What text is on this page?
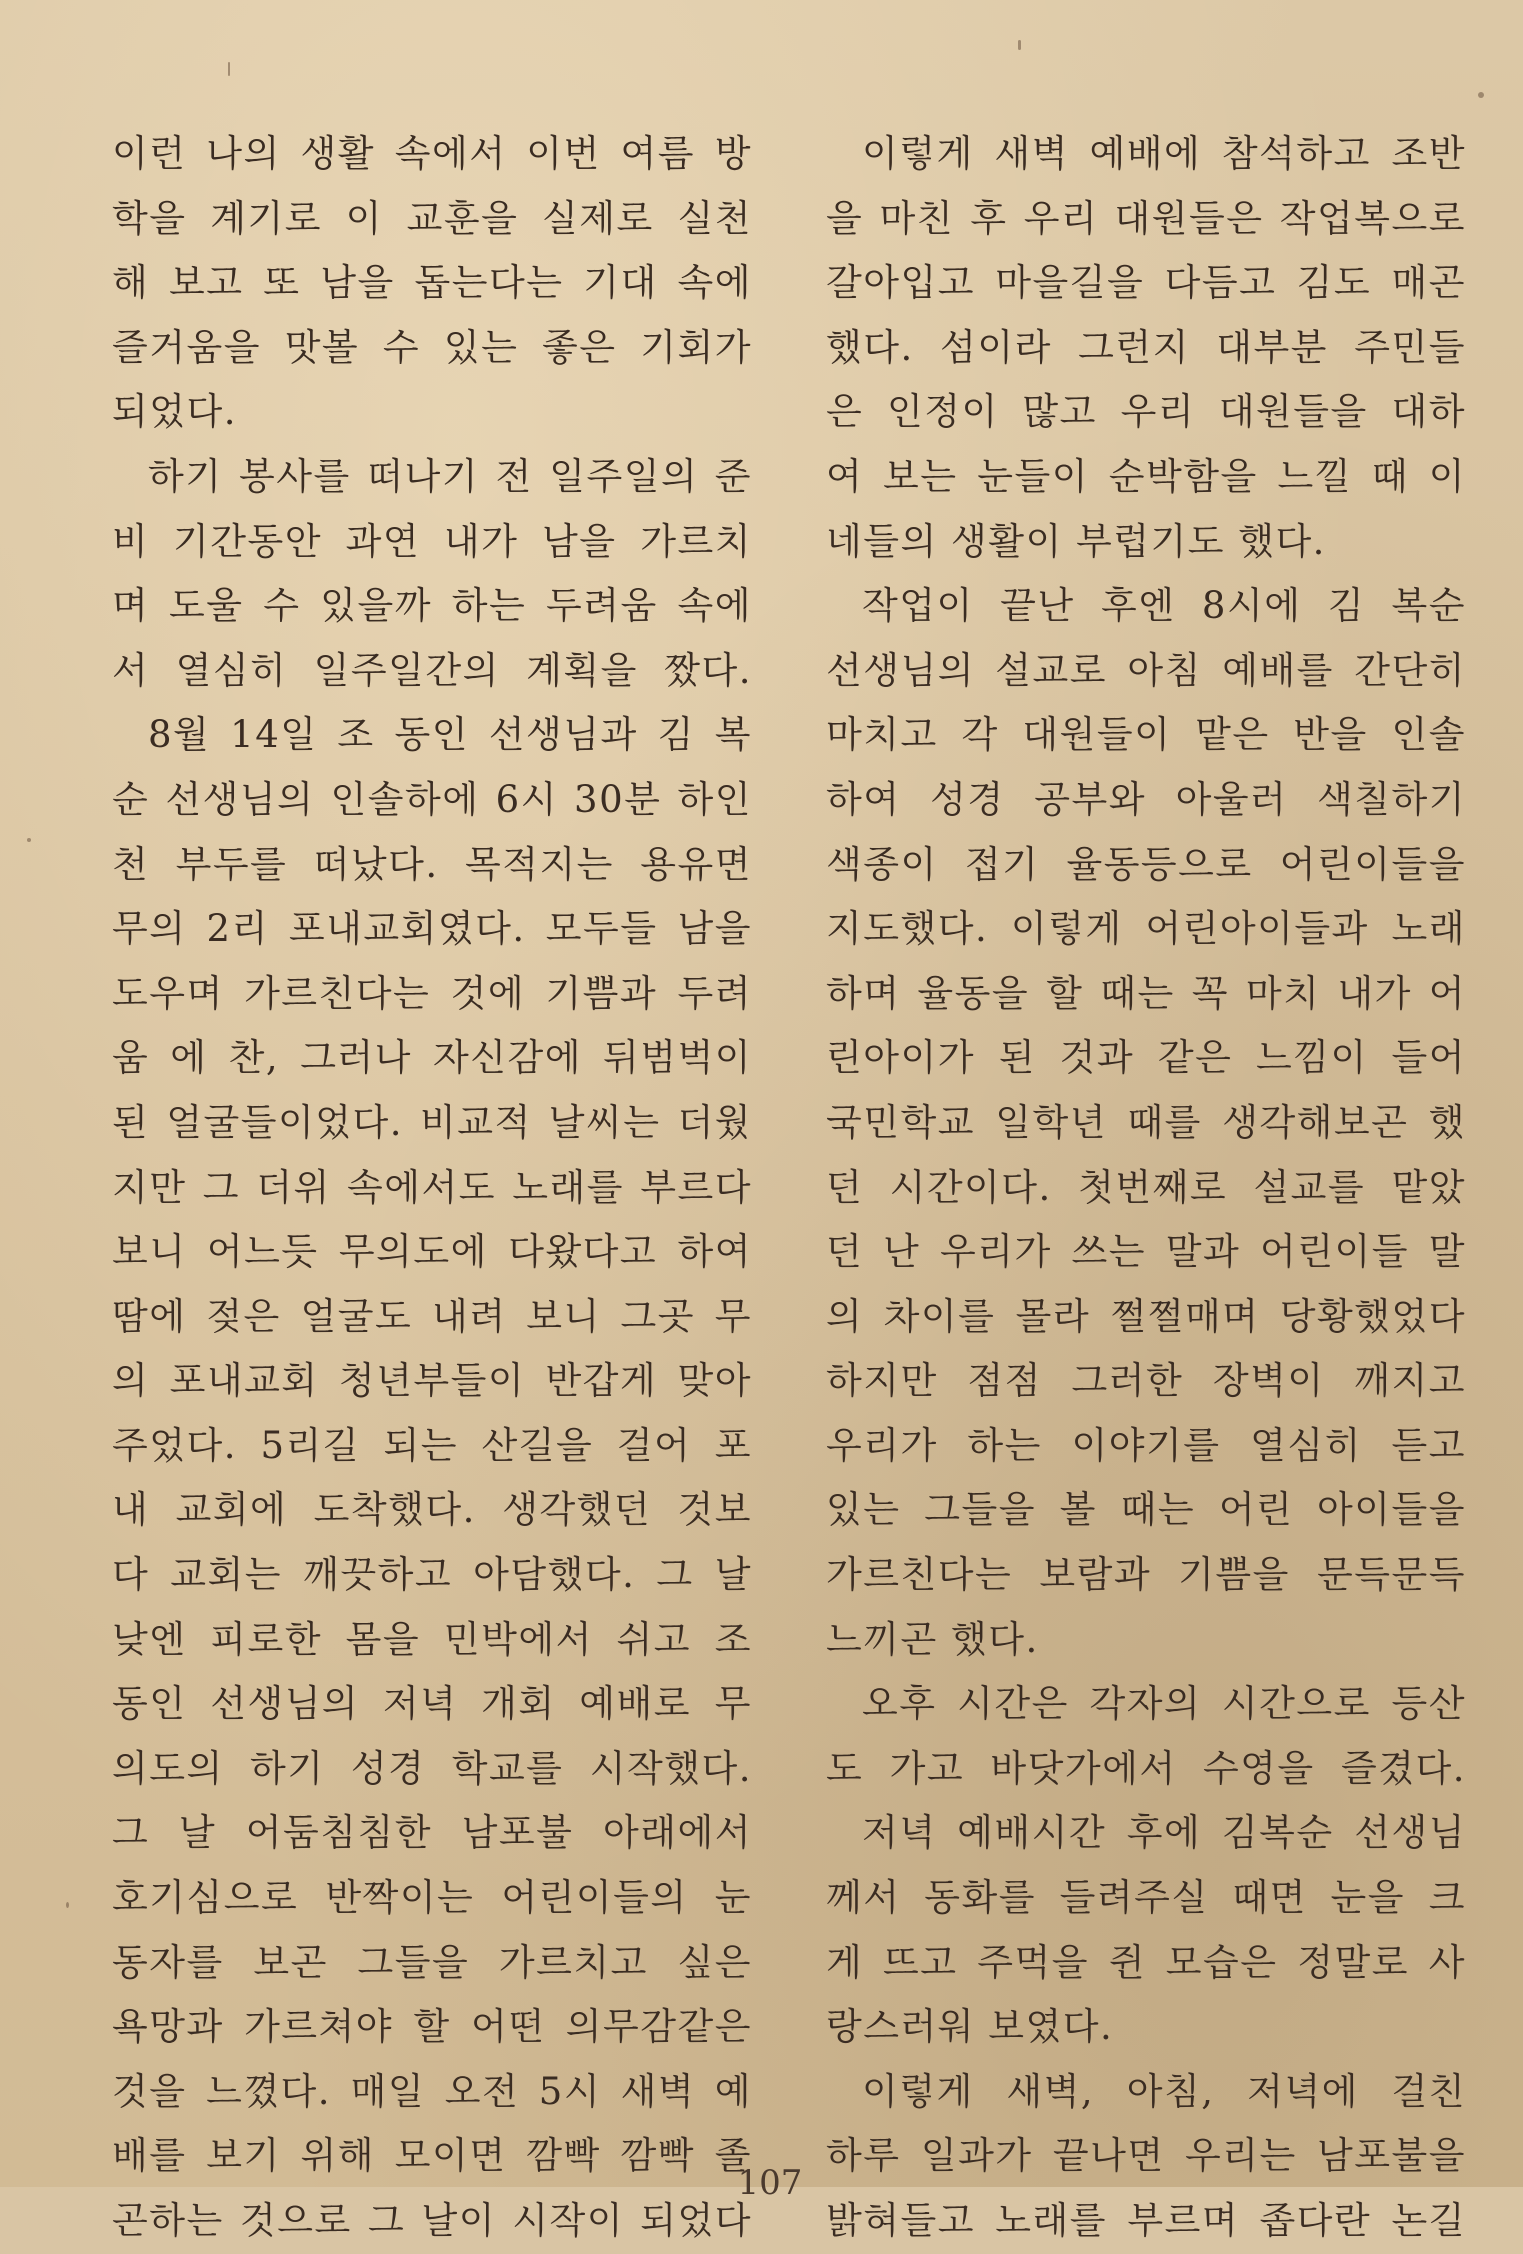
이런 나의 생활 속에서 이번 여름 방
학을 계기로 이 교훈을 실제로 실천
해 보고 또 남을 돕는다는 기대 속에
즐거움을 맛볼 수 있는 좋은 기회가
되었다.
하기 봉사를 떠나기 전 일주일의 준
비 기간동안 과연 내가 남을 가르치
며 도울 수 있을까 하는 두려움 속에
서 열심히 일주일간의 계획을 짰다.
8월 14일 조 동인 선생님과 김 복
순 선생님의 인솔하에 6시 30분 하인
천 부두를 떠났다. 목적지는 용유면
무의 2리 포내교회였다. 모두들 남을
도우며 가르친다는 것에 기쁨과 두려
움 에 찬, 그러나 자신감에 뒤범벅이
된 얼굴들이었다. 비교적 날씨는 더웠
지만 그 더위 속에서도 노래를 부르다
보니 어느듯 무의도에 다왔다고 하여
땀에 젖은 얼굴도 내려 보니 그곳 무
의 포내교회 청년부들이 반갑게 맞아
주었다. 5리길 되는 산길을 걸어 포
내 교회에 도착했다. 생각했던 것보
다 교회는 깨끗하고 아담했다. 그 날
낮엔 피로한 몸을 민박에서 쉬고 조
동인 선생님의 저녁 개회 예배로 무
의도의 하기 성경 학교를 시작했다.
그 날 어둠침침한 남포불 아래에서
호기심으로 반짝이는 어린이들의 눈
동자를 보곤 그들을 가르치고 싶은
욕망과 가르쳐야 할 어떤 의무감같은
것을 느꼈다. 매일 오전 5시 새벽 예
배를 보기 위해 모이면 깜빡 깜빡 졸
곤하는 것으로 그 날이 시작이 되었다
이렇게 새벽 예배에 참석하고 조반
을 마친 후 우리 대원들은 작업복으로
갈아입고 마을길을 다듬고 김도 매곤
했다. 섬이라 그런지 대부분 주민들
은 인정이 많고 우리 대원들을 대하
여 보는 눈들이 순박함을 느낄 때 이
네들의 생활이 부럽기도 했다.
작업이 끝난 후엔 8시에 김 복순
선생님의 설교로 아침 예배를 간단히
마치고 각 대원들이 맡은 반을 인솔
하여 성경 공부와 아울러 색칠하기
색종이 접기 율동등으로 어린이들을
지도했다. 이렇게 어린아이들과 노래
하며 율동을 할 때는 꼭 마치 내가 어
린아이가 된 것과 같은 느낌이 들어
국민학교 일학년 때를 생각해보곤 했
던 시간이다. 첫번째로 설교를 맡았
던 난 우리가 쓰는 말과 어린이들 말
의 차이를 몰라 쩔쩔매며 당황했었다
하지만 점점 그러한 장벽이 깨지고
우리가 하는 이야기를 열심히 듣고
있는 그들을 볼 때는 어린 아이들을
가르친다는 보람과 기쁨을 문득문득
느끼곤 했다.
오후 시간은 각자의 시간으로 등산
도 가고 바닷가에서 수영을 즐겼다.
저녁 예배시간 후에 김복순 선생님
께서 동화를 들려주실 때면 눈을 크
게 뜨고 주먹을 쥔 모습은 정말로 사
랑스러워 보였다.
이렇게 새벽, 아침, 저녁에 걸친
하루 일과가 끝나면 우리는 남포불을
밝혀들고 노래를 부르며 좁다란 논길
107
